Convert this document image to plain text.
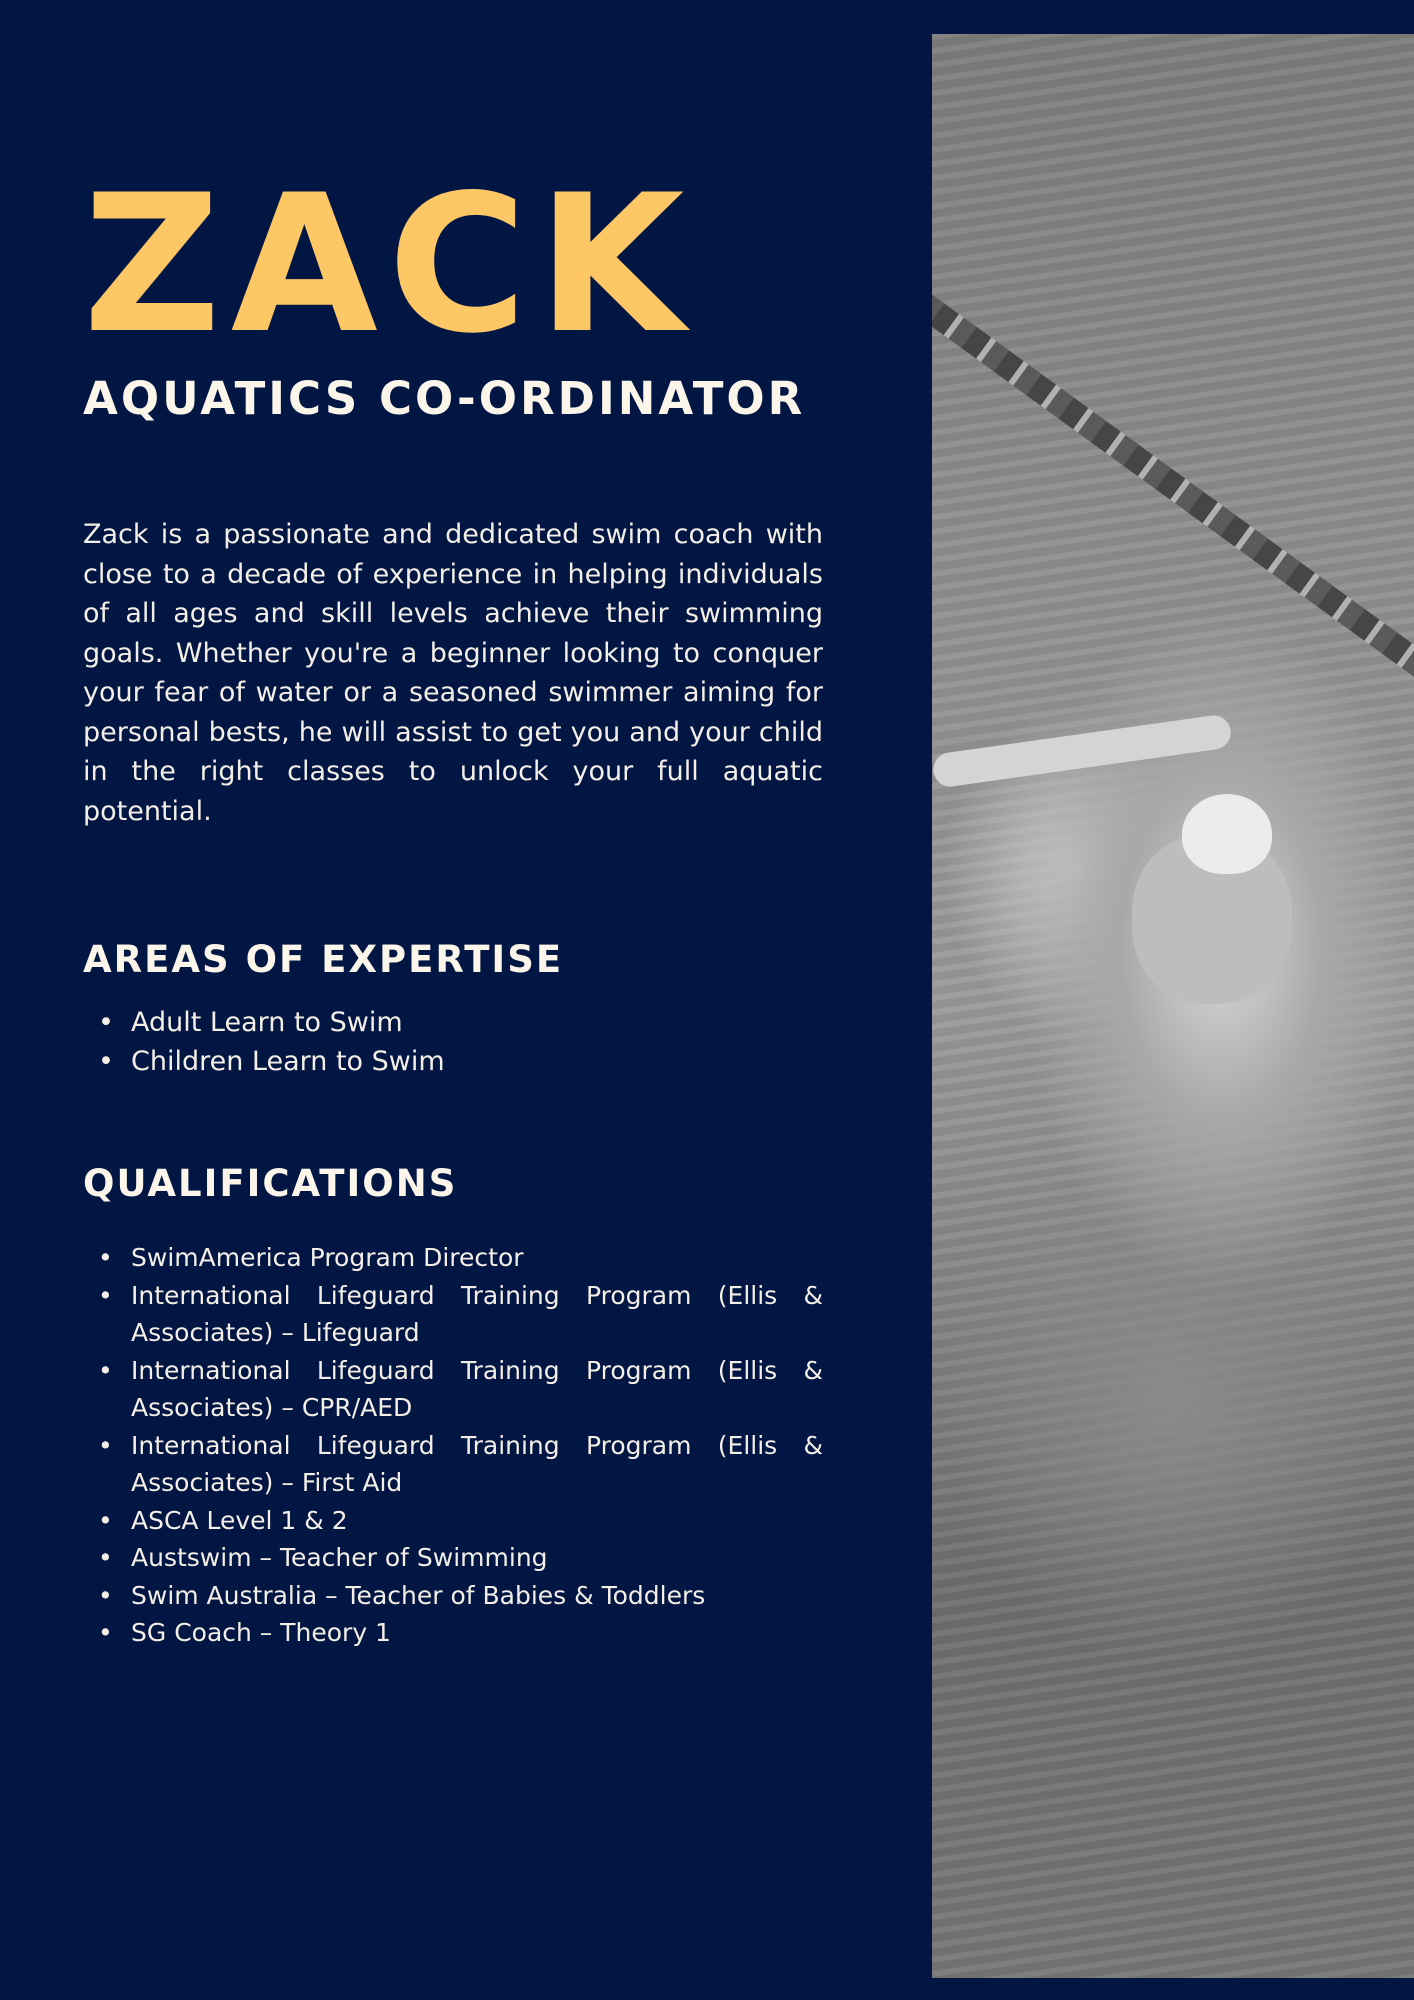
ZACK
AQUATICS CO-ORDINATOR

Zack is a passionate and dedicated swim coach with close to a decade of experience in helping individuals of all ages and skill levels achieve their swimming goals. Whether you're a beginner looking to conquer your fear of water or a seasoned swimmer aiming for personal bests, he will assist to get you and your child in the right classes to unlock your full aquatic potential.

AREAS OF EXPERTISE
• Adult Learn to Swim
• Children Learn to Swim
QUALIFICATIONS
• SwimAmerica Program Director
• International Lifeguard Training Program (Ellis & Associates) – Lifeguard
• International Lifeguard Training Program (Ellis & Associates) – CPR/AED
• International Lifeguard Training Program (Ellis & Associates) – First Aid
• ASCA Level 1 & 2
• Austswim – Teacher of Swimming
• Swim Australia – Teacher of Babies & Toddlers
• SG Coach – Theory 1
